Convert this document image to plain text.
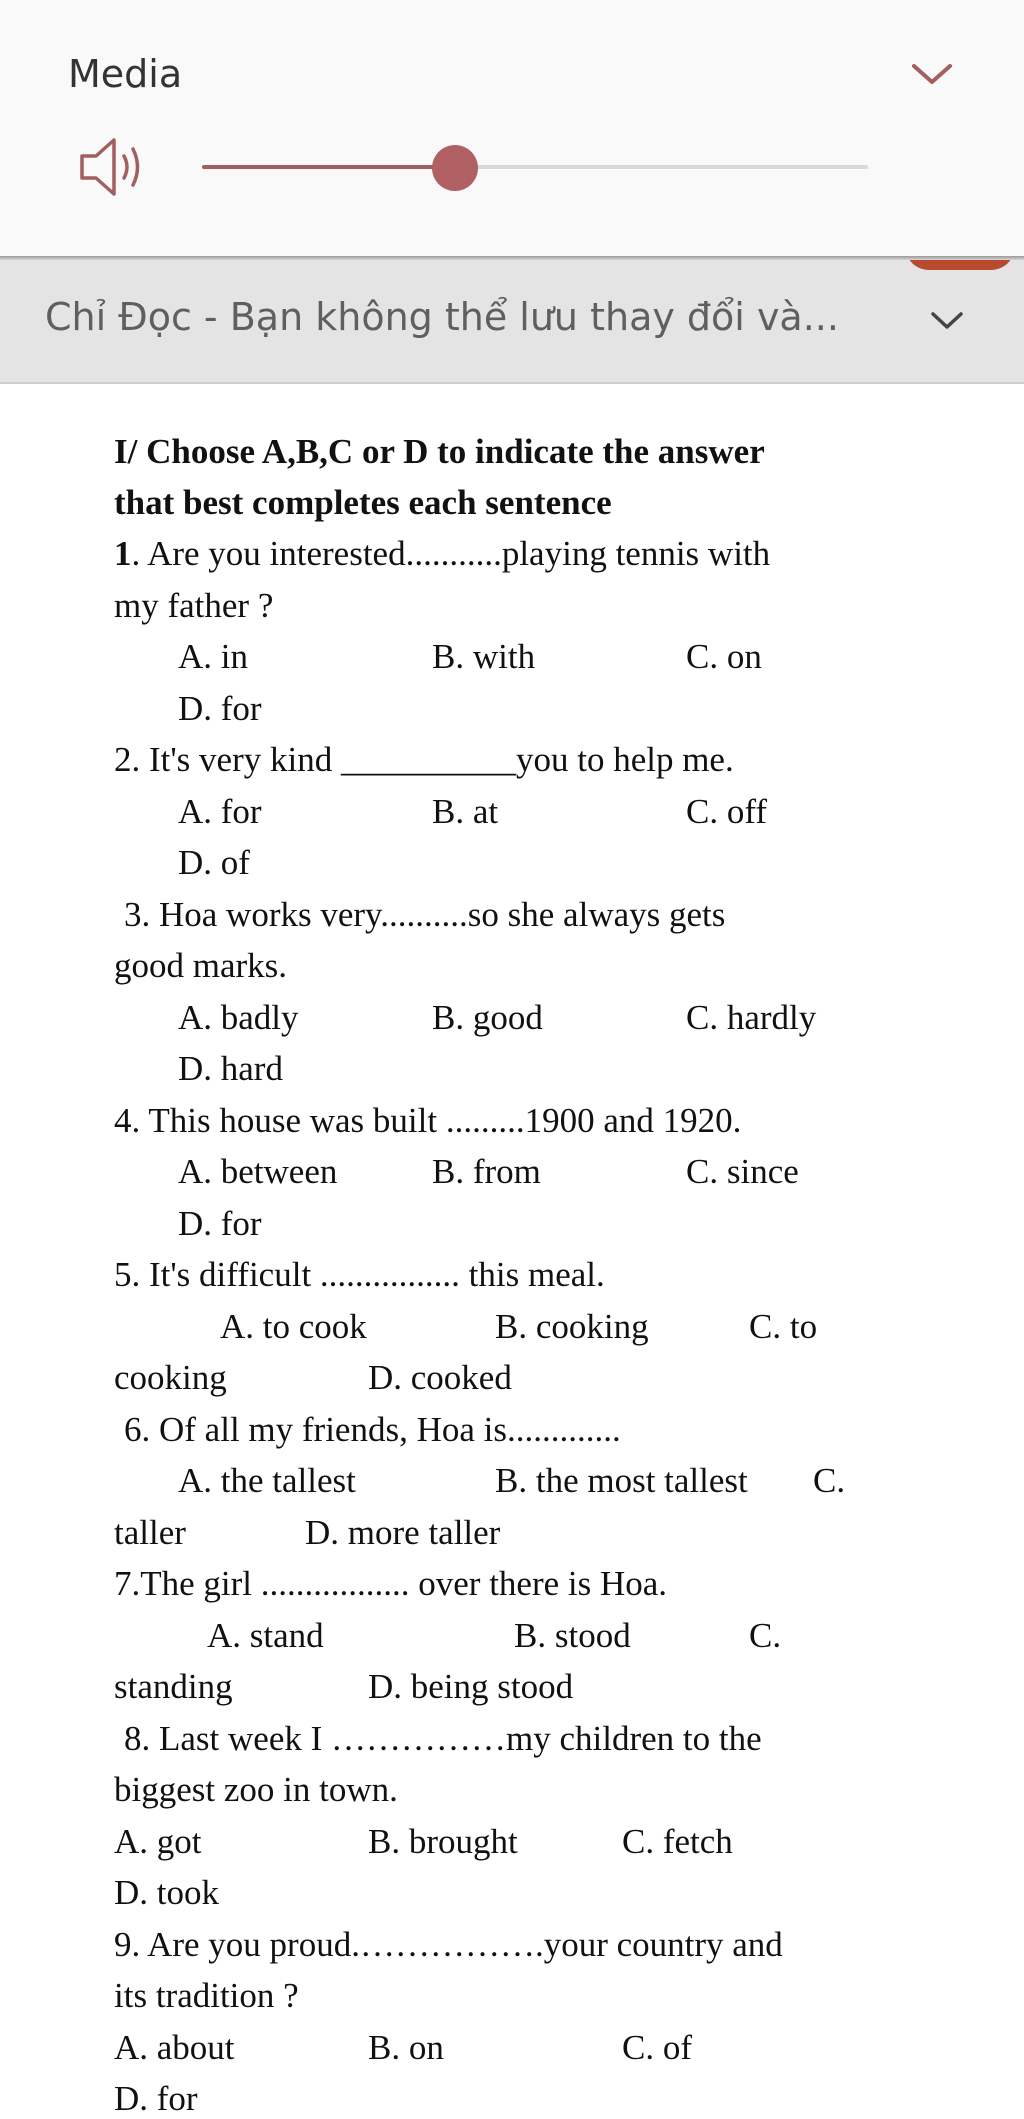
Media
Chỉ Đọc - Bạn không thể lưu thay đổi và...
I/ Choose A,B,C or D to indicate the answer
that best completes each sentence
1. Are you interested...........playing tennis with
my father ?
A. in	B. with	C. on
D. for
2. It's very kind __________you to help me.
A. for	B. at	C. off
D. of
3. Hoa works very..........so she always gets
good marks.
A. badly	B. good	C. hardly
D. hard
4. This house was built .........1900 and 1920.
A. between	B. from	C. since
D. for
5. It's difficult ................ this meal.
A. to cook	B. cooking	C. to
cooking	D. cooked
6. Of all my friends, Hoa is.............
A. the tallest	B. the most tallest C.
taller	D. more taller
7.The girl ................. over there is Hoa.
A. stand	B. stood	C.
standing	D. being stood
8. Last week I ……………my children to the
biggest zoo in town.
A. got	B. brought	C. fetch
D. took
9. Are you proud.…………….your country and
its tradition ?
A. about	B. on	C. of
D. for
